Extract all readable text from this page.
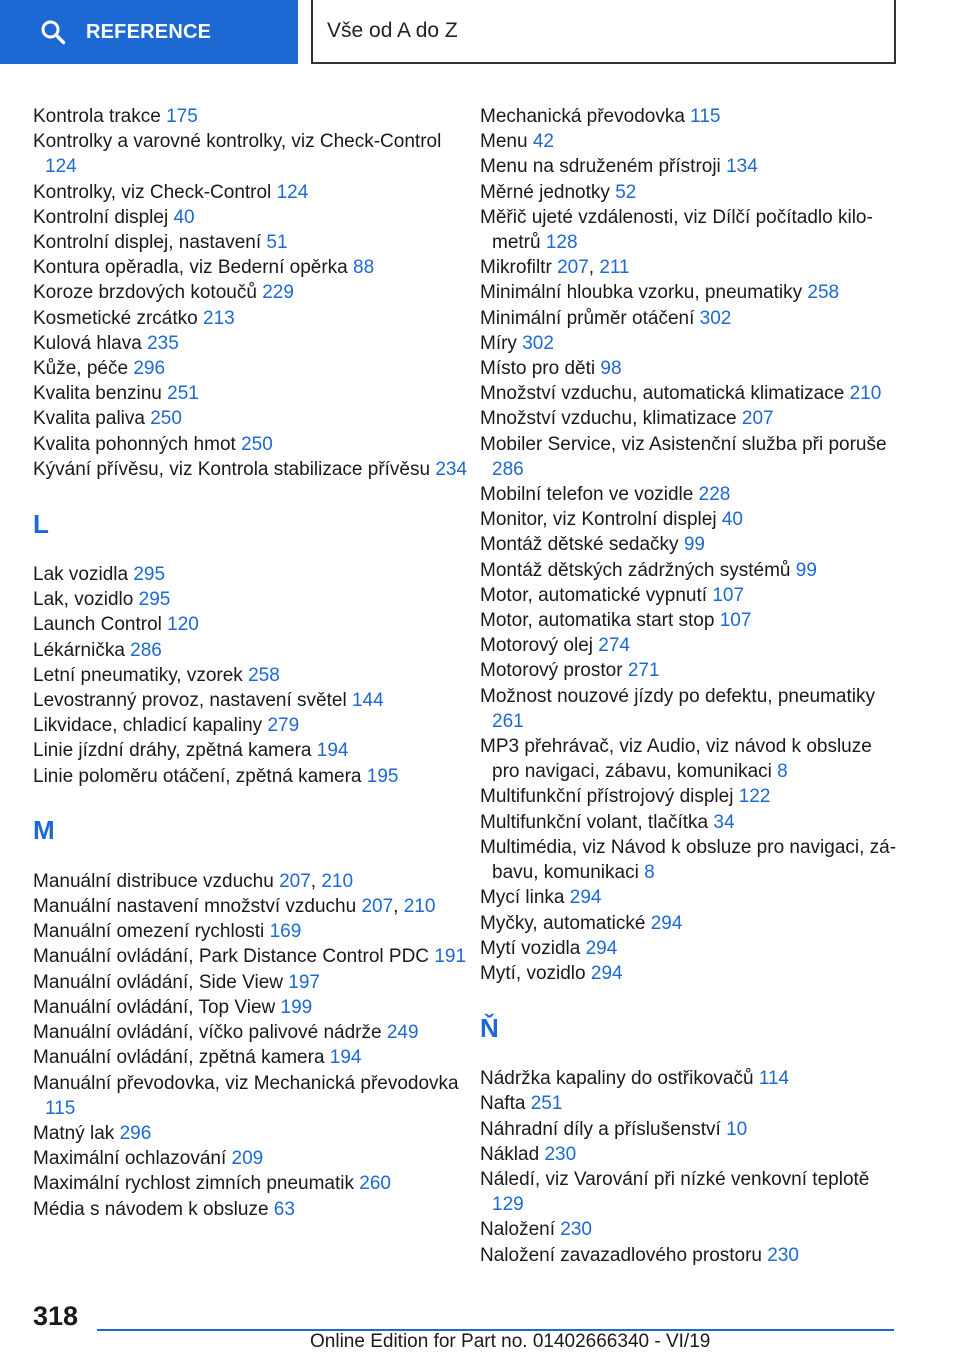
REFERENCE	Vše od A do Z
Kontrola trakce 175
Kontrolky a varovné kontrolky, viz Check-Control 124
Kontrolky, viz Check-Control 124
Kontrolní displej 40
Kontrolní displej, nastavení 51
Kontura opěradla, viz Bederní opěrka 88
Koroze brzdových kotoučů 229
Kosmetické zrcátko 213
Kulová hlava 235
Kůže, péče 296
Kvalita benzinu 251
Kvalita paliva 250
Kvalita pohonných hmot 250
Kývání přívěsu, viz Kontrola stabilizace přívěsu 234
L
Lak vozidla 295
Lak, vozidlo 295
Launch Control 120
Lékárnička 286
Letní pneumatiky, vzorek 258
Levostranný provoz, nastavení světel 144
Likvidace, chladicí kapaliny 279
Linie jízdní dráhy, zpětná kamera 194
Linie poloměru otáčení, zpětná kamera 195
M
Manuální distribuce vzduchu 207, 210
Manuální nastavení množství vzduchu 207, 210
Manuální omezení rychlosti 169
Manuální ovládání, Park Distance Control PDC 191
Manuální ovládání, Side View 197
Manuální ovládání, Top View 199
Manuální ovládání, víčko palivové nádrže 249
Manuální ovládání, zpětná kamera 194
Manuální převodovka, viz Mechanická převodovka 115
Matný lak 296
Maximální ochlazování 209
Maximální rychlost zimních pneumatik 260
Média s návodem k obsluze 63
Mechanická převodovka 115
Menu 42
Menu na sdruženém přístroji 134
Měrné jednotky 52
Měřič ujeté vzdálenosti, viz Dílčí počítadlo kilometrů 128
Mikrofiltr 207, 211
Minimální hloubka vzorku, pneumatiky 258
Minimální průměr otáčení 302
Míry 302
Místo pro děti 98
Množství vzduchu, automatická klimatizace 210
Množství vzduchu, klimatizace 207
Mobiler Service, viz Asistenční služba při poruše 286
Mobilní telefon ve vozidle 228
Monitor, viz Kontrolní displej 40
Montáž dětské sedačky 99
Montáž dětských zádržných systémů 99
Motor, automatické vypnutí 107
Motor, automatika start stop 107
Motorový olej 274
Motorový prostor 271
Možnost nouzové jízdy po defektu, pneumatiky 261
MP3 přehrávač, viz Audio, viz návod k obsluze pro navigaci, zábavu, komunikaci 8
Multifunkční přístrojový displej 122
Multifunkční volant, tlačítka 34
Multimédia, viz Návod k obsluze pro navigaci, zábavu, komunikaci 8
Mycí linka 294
Myčky, automatické 294
Mytí vozidla 294
Mytí, vozidlo 294
Ň
Nádržka kapaliny do ostřikovačů 114
Nafta 251
Náhradní díly a příslušenství 10
Náklad 230
Náledí, viz Varování při nízké venkovní teplotě 129
Naložení 230
Naložení zavazadlového prostoru 230
318
Online Edition for Part no. 01402666340 - VI/19
